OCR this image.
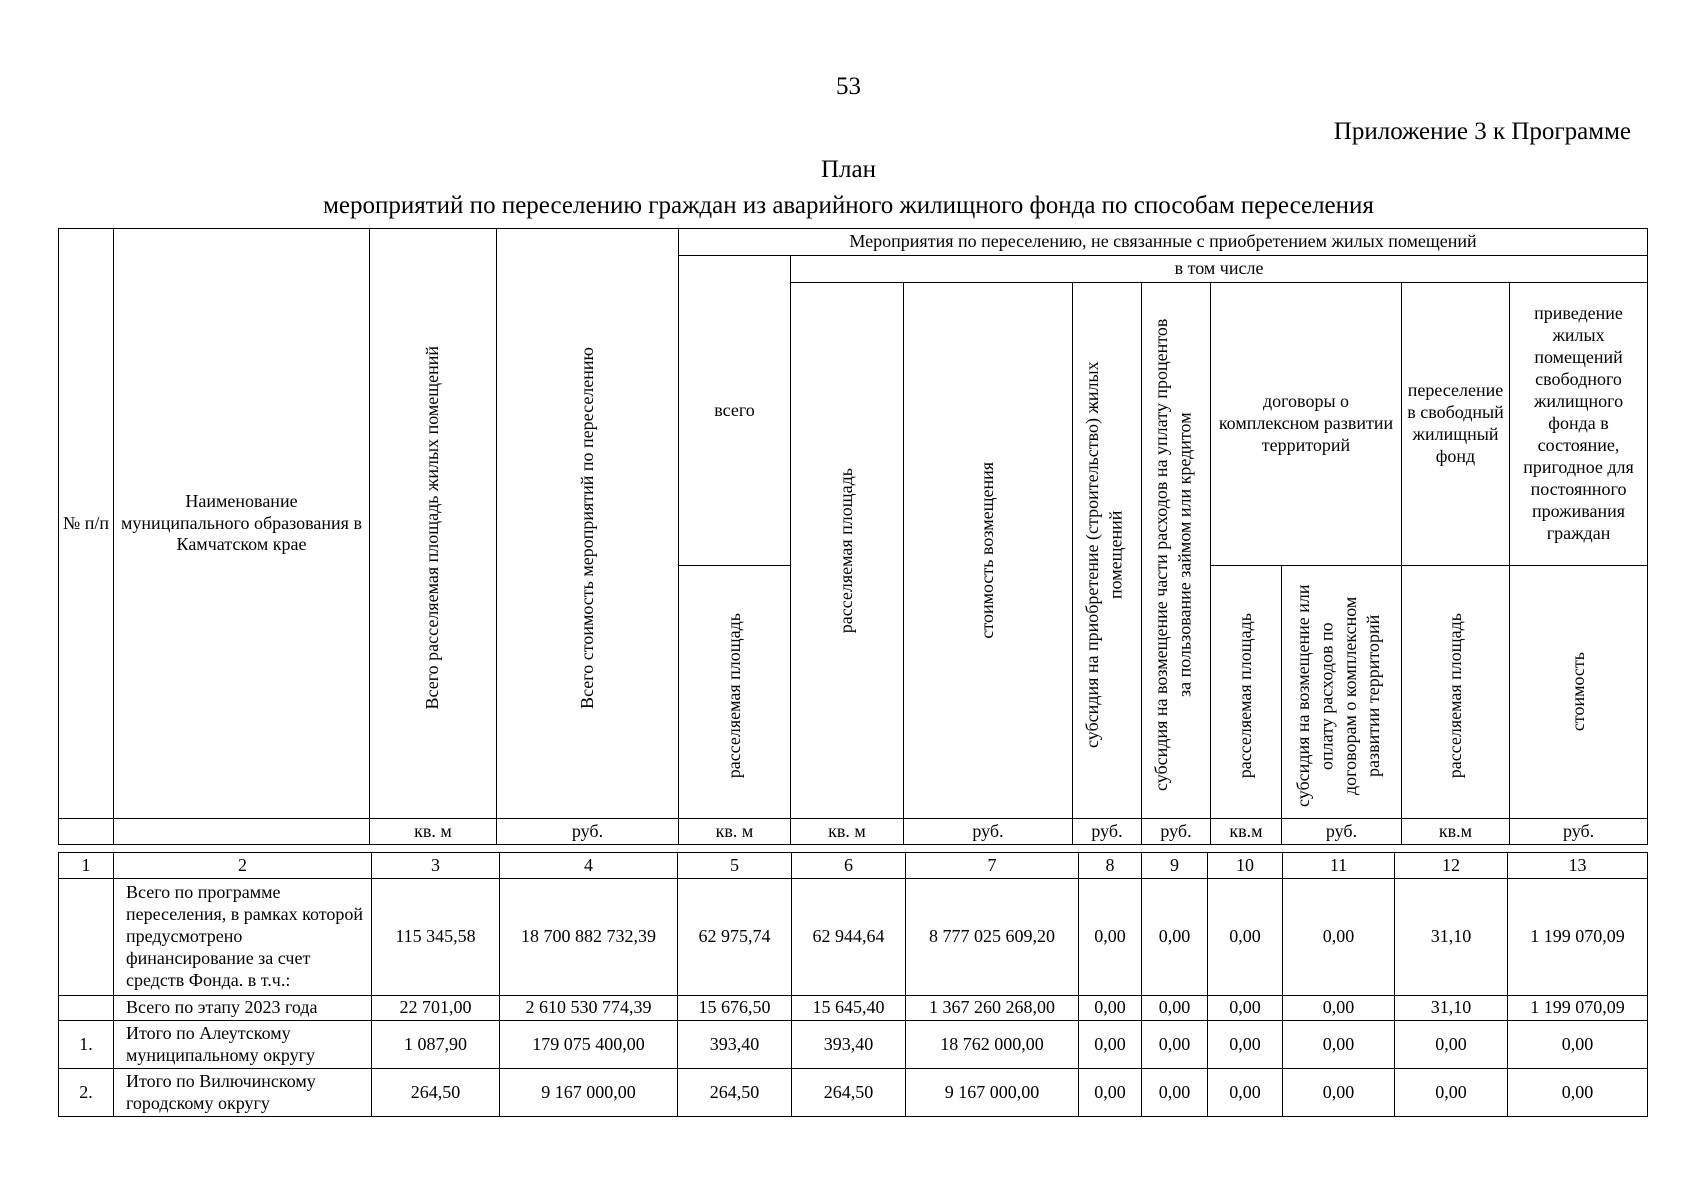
53
Приложение 3 к Программе
План
мероприятий по переселению граждан из аварийного жилищного фонда по способам переселения
№ п/п	Наименование муниципального образования в Камчатском крае	Всего расселяемая площадь жилых помещений	Всего стоимость мероприятий по переселению	Мероприятия по переселению, не связанные с приобретением жилых помещений								
				всего	в том числе							

					расселяемая площадь	стоимость возмещения	субсидия на приобретение (строительство) жилых помещений	субсидия на возмещение части расходов на уплату процентов за пользование займом или кредитом	договоры о комплексном развитии территорий		переселение в свободный жилищный фонд	приведение жилых помещений свободного жилищного фонда в состояние, пригодное для постоянного проживания граждан

				расселяемая площадь					расселяемая площадь	субсидия на возмещение или оплату расходов по договорам о комплексном развитии территорий	расселяемая площадь	стоимость

		кв. м	руб.	кв. м	кв. м	руб.	руб.	руб.	кв.м	руб.	кв.м	руб.
1	2	3	4	5	6	7	8	9	10	11	12	13
	Всего по программе переселения, в рамках которой предусмотрено финансирование за счет средств Фонда. в т.ч.:	115 345,58	18 700 882 732,39	62 975,74	62 944,64	8 777 025 609,20	0,00	0,00	0,00	0,00	31,10	1 199 070,09
	Всего по этапу 2023 года	22 701,00	2 610 530 774,39	15 676,50	15 645,40	1 367 260 268,00	0,00	0,00	0,00	0,00	31,10	1 199 070,09
1.	Итого по Алеутскому муниципальному округу	1 087,90	179 075 400,00	393,40	393,40	18 762 000,00	0,00	0,00	0,00	0,00	0,00	0,00
2.	Итого по Вилючинскому городскому округу	264,50	9 167 000,00	264,50	264,50	9 167 000,00	0,00	0,00	0,00	0,00	0,00	0,00
